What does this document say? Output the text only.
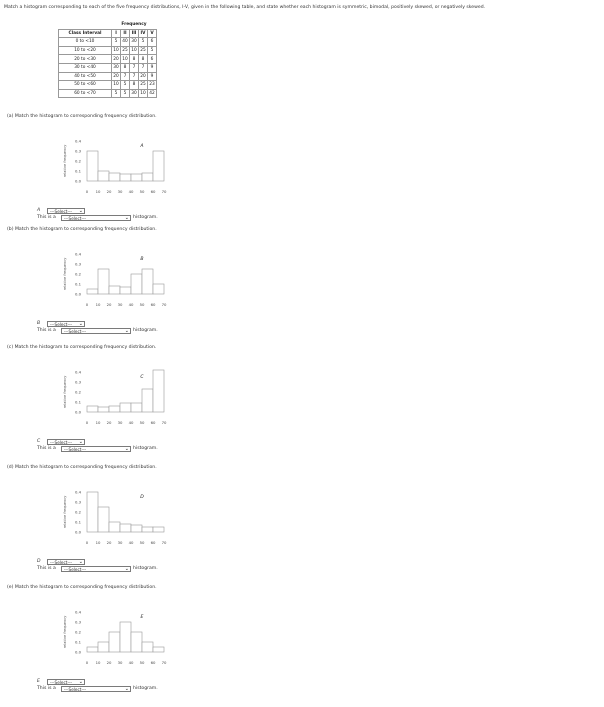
Match a histogram corresponding to each of the five frequency distributions, I-V, given in the following table, and state whether each histogram is symmetric, bimodal, positively skewed, or negatively skewed.
	Frequency				
Class Interval	I	II	III	IV	V
0 to <10	5	40	30	5	6
10 to <20	10	25	10	25	5
20 to <30	20	10	8	8	6
30 to <40	30	8	7	7	9
40 to <50	20	7	7	20	9
50 to <60	10	5	8	25	23
60 to <70	5	5	30	10	42
(a) Match the histogram to corresponding frequency distribution.
relative frequency
0.0
0.1
0.2
0.3
0.4
A
0 10 20 30 40 50 60 70
A	---Select--- ⌄
This is a	---Select---	⌄ histogram.
(b) Match the histogram to corresponding frequency distribution.
relative frequency
0.0
0.1
0.2
0.3
0.4
B
0 10 20 30 40 50 60 70
B	---Select--- ⌄
This is a	---Select---	⌄ histogram.
(c) Match the histogram to corresponding frequency distribution.
relative frequency
0.0
0.1
0.2
0.3
0.4
C
0 10 20 30 40 50 60 70
C	---Select--- ⌄
This is a	---Select---	⌄ histogram.
(d) Match the histogram to corresponding frequency distribution.
relative frequency
0.0
0.1
0.2
0.3
0.4
D
0 10 20 30 40 50 60 70
D	---Select--- ⌄
This is a	---Select---	⌄ histogram.
(e) Match the histogram to corresponding frequency distribution.
relative frequency
0.0
0.1
0.2
0.3
0.4
E
0 10 20 30 40 50 60 70
E	---Select--- ⌄
This is a	---Select---	⌄ histogram.
